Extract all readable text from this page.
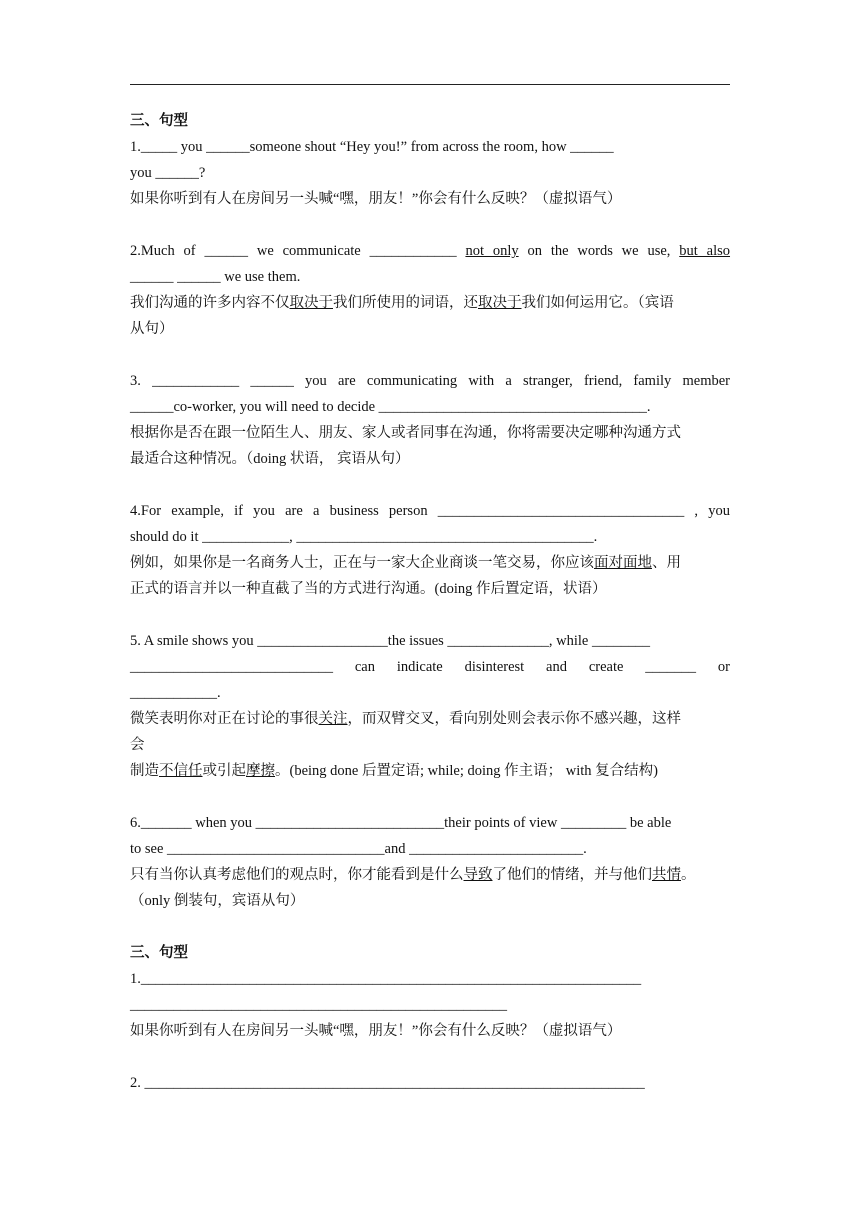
三、句型
1._____ you ______someone shout “Hey you!” from across the room, how ______
you ______?
如果你听到有人在房间另一头喊“嘿，朋友！”你会有什么反映？（虚拟语气）
2.Much of ______ we communicate ____________ not only on the words we use, but also
______ ______ we use them.
我们沟通的许多内容不仅取决于我们所使用的词语，还取决于我们如何运用它。（宾语
从句）
3. ____________ ______ you are communicating with a stranger, friend, family member
______co-worker, you will need to decide _____________________________________.
根据你是否在跟一位陌生人、朋友、家人或者同事在沟通，你将需要决定哪种沟通方式
最适合这种情况。（doing 状语， 宾语从句）
4.For example, if you are a business person __________________________________ , you
should do it ____________, _________________________________________.
例如，如果你是一名商务人士，正在与一家大企业商谈一笔交易，你应该面对面地、用
正式的语言并以一种直截了当的方式进行沟通。(doing 作后置定语，状语）
5. A smile shows you __________________the issues ______________, while ________
____________________________ can indicate disinterest and create _______ or
____________.
微笑表明你对正在讨论的事很关注，而双臂交叉，看向别处则会表示你不感兴趣，这样
会
制造不信任或引起摩擦。(being done 后置定语; while; doing 作主语； with 复合结构)
6._______ when you __________________________their points of view _________ be able
to see ______________________________and ________________________.
只有当你认真考虑他们的观点时，你才能看到是什么导致了他们的情绪，并与他们共情。
（only 倒装句，宾语从句）
三、句型
1._____________________________________________________________________
____________________________________________________
如果你听到有人在房间另一头喊“嘿，朋友！”你会有什么反映？（虚拟语气）
2. _____________________________________________________________________
